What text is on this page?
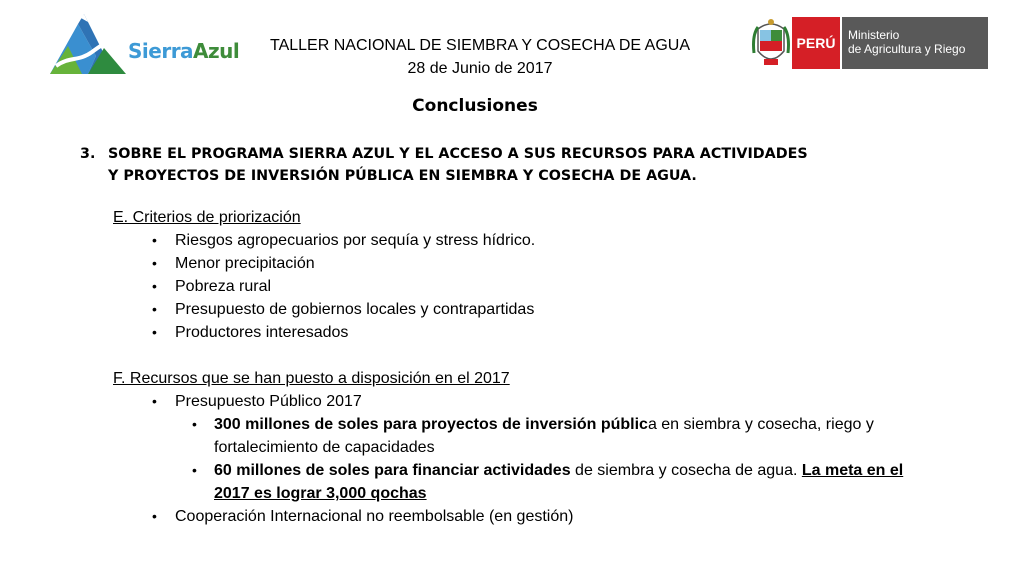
SierraAzul	PERÚ	Ministerio
de Agricultura y Riego
TALLER NACIONAL DE SIEMBRA Y COSECHA DE AGUA
28 de Junio de 2017
Conclusiones
3. SOBRE EL PROGRAMA SIERRA AZUL Y EL ACCESO A SUS RECURSOS PARA ACTIVIDADES
Y PROYECTOS DE INVERSIÓN PÚBLICA EN SIEMBRA Y COSECHA DE AGUA.
E. Criterios de priorización
• Riesgos agropecuarios por sequía y stress hídrico.
• Menor precipitación
• Pobreza rural
• Presupuesto de gobiernos locales y contrapartidas
• Productores interesados
F. Recursos que se han puesto a disposición en el 2017
• Presupuesto Público 2017
• 300 millones de soles para proyectos de inversión pública en siembra y cosecha, riego y
fortalecimiento de capacidades
• 60 millones de soles para financiar actividades de siembra y cosecha de agua. La meta en el
2017 es lograr 3,000 qochas
• Cooperación Internacional no reembolsable (en gestión)
